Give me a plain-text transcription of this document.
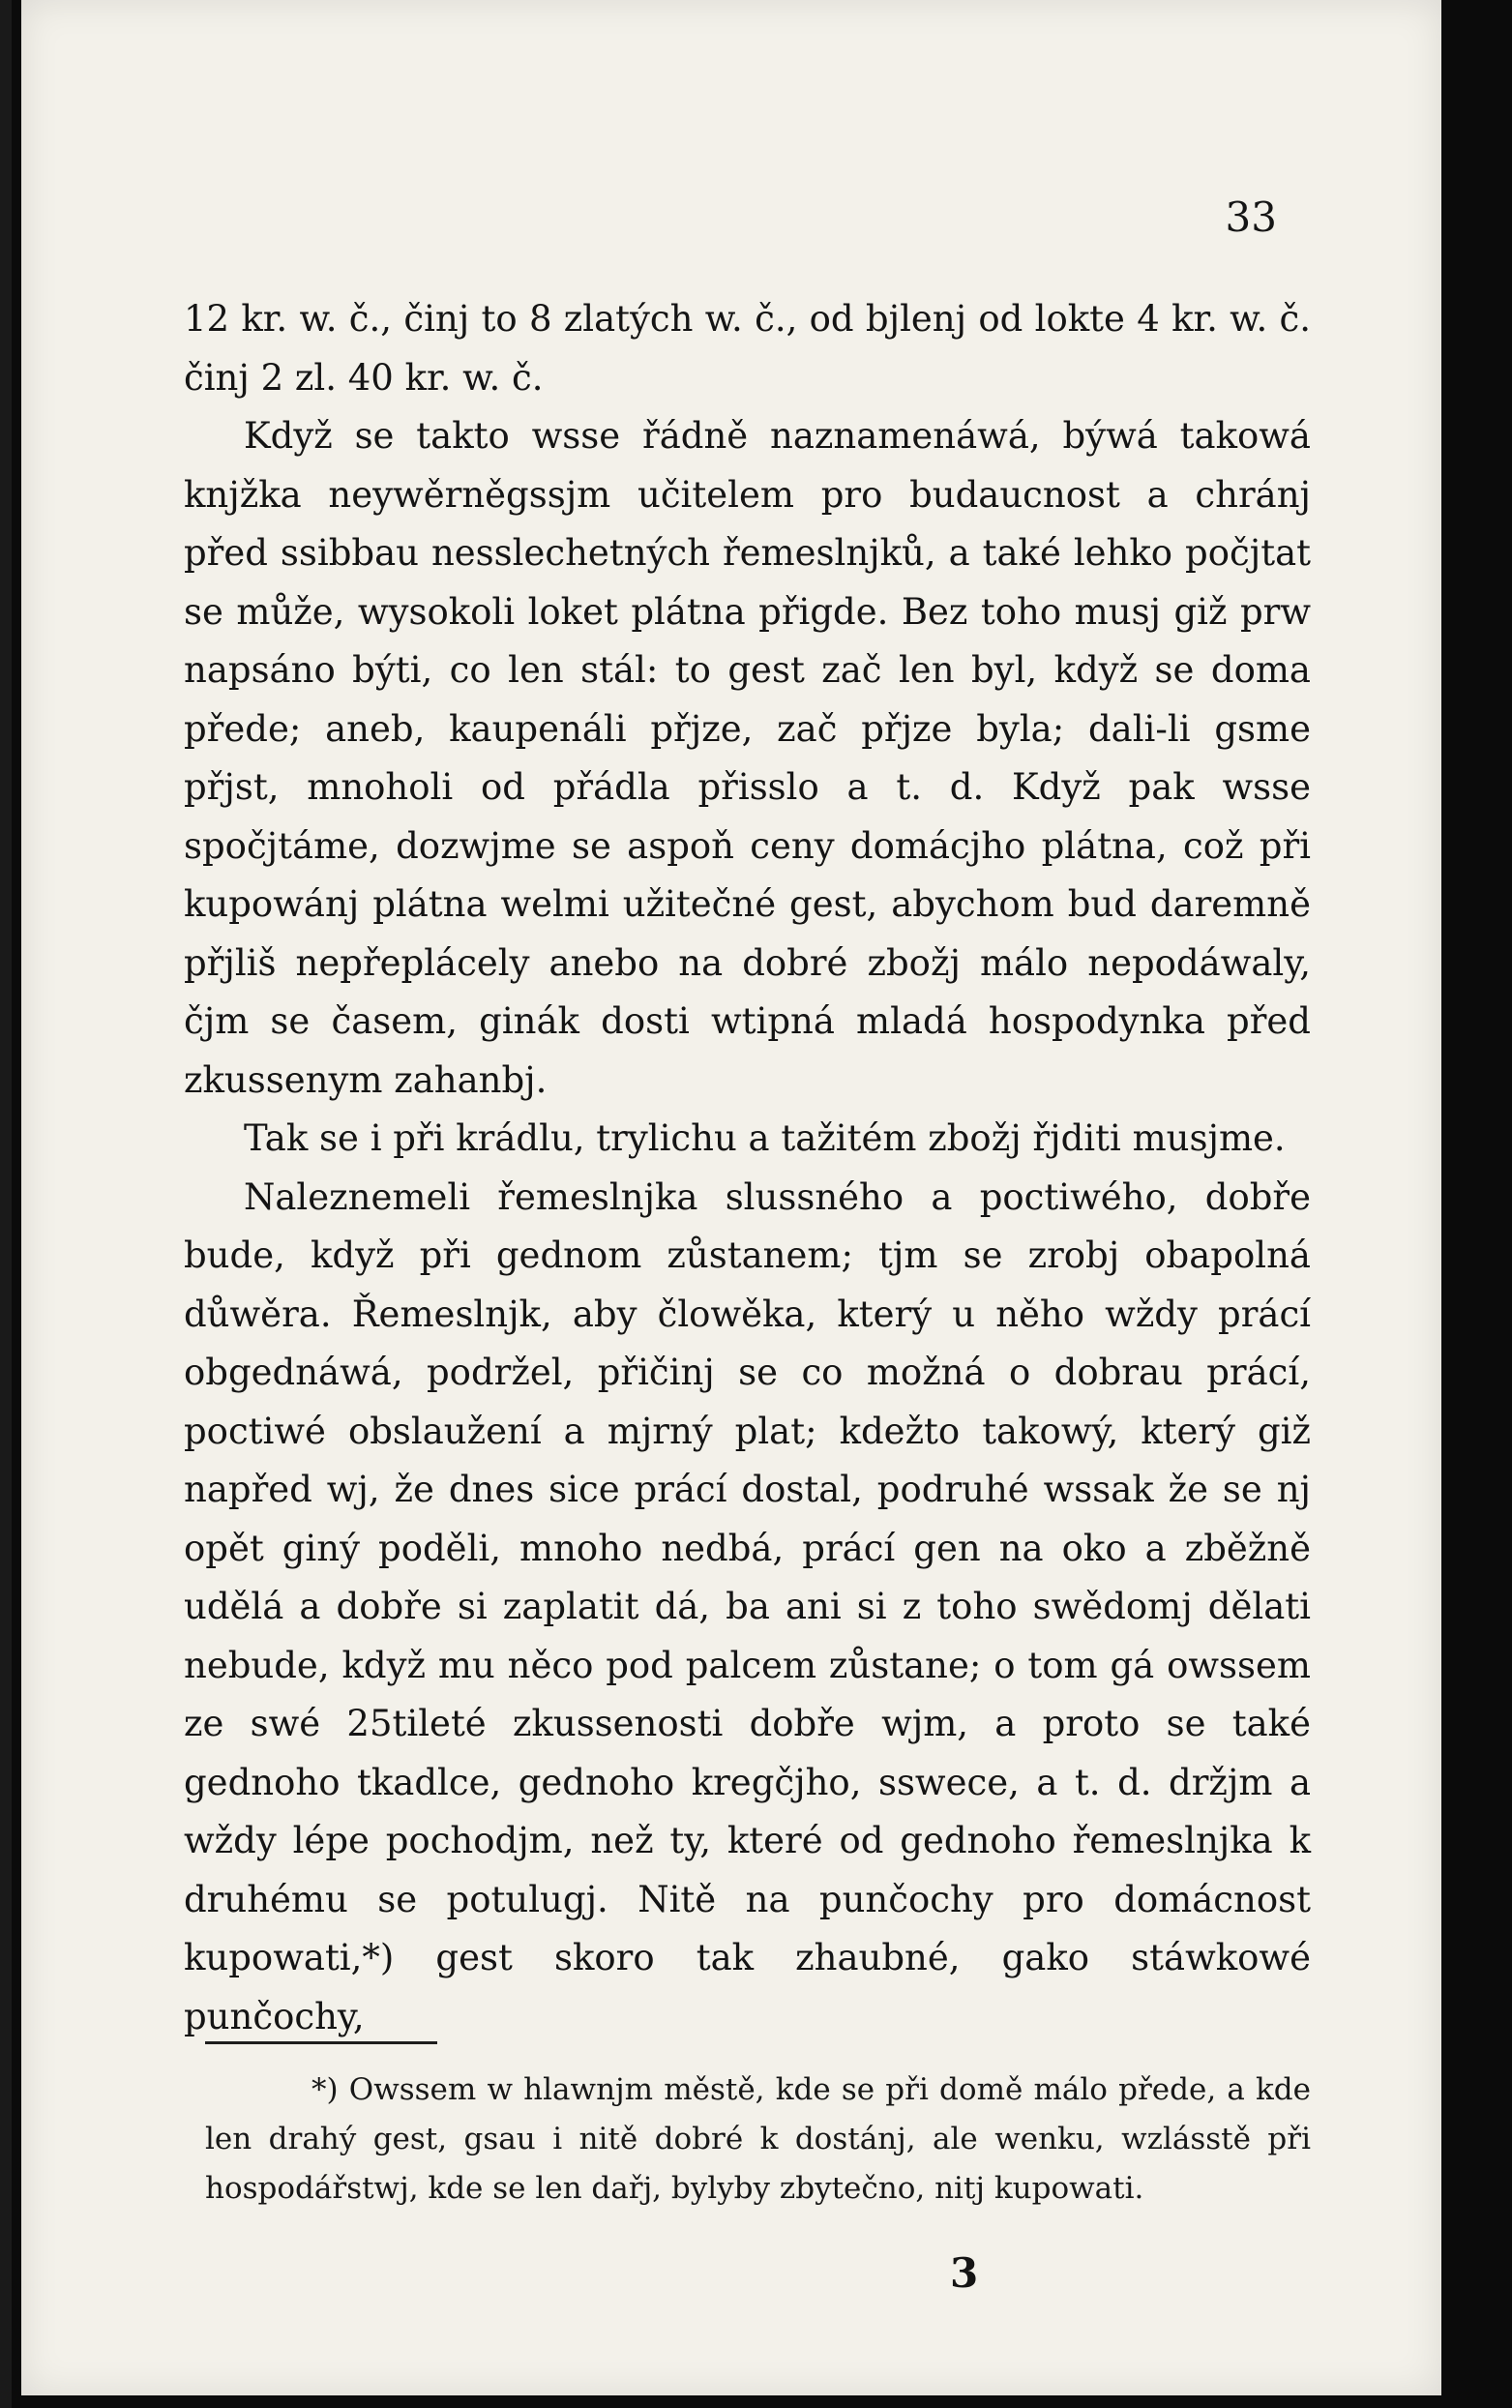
33

12 kr. w. č., činj to 8 zlatých w. č., od bjlenj od lokte 4 kr. w. č. činj 2 zl. 40 kr. w. č.

Když se takto wsse řádně naznamenáwá, býwá takowá knjžka neywěrněgssjm učitelem pro budaucnost a chránj před ssibbau nesslechetných řemeslnjků, a také lehko počjtat se může, wysokoli loket plátna přigde. Bez toho musj giž prw napsáno býti, co len stál: to gest zač len byl, když se doma přede; aneb, kaupenáli přjze, zač přjze byla; dali-li gsme přjst, mnoholi od přádla přisslo a t. d. Když pak wsse spočjtáme, dozwjme se aspoň ceny domácjho plátna, což při kupowánj plátna welmi užitečné gest, abychom bud daremně přjliš nepřeplácely anebo na dobré zbožj málo nepodáwaly, čjm se časem, ginák dosti wtipná mladá hospodynka před zkussenym zahanbj.

Tak se i při krádlu, trylichu a tažitém zbožj řjditi musjme.

Naleznemeli řemeslnjka slussného a poctiwého, dobře bude, když při gednom zůstanem; tjm se zrobj obapolná důwěra. Řemeslnjk, aby člowěka, který u něho wždy prácí obgednáwá, podržel, přičinj se co možná o dobrau prácí, poctiwé obslaužení a mjrný plat; kdežto takowý, který giž napřed wj, že dnes sice prácí dostal, podruhé wssak že se nj opět giný poděli, mnoho nedbá, prácí gen na oko a zběžně udělá a dobře si zaplatit dá, ba ani si z toho swědomj dělati nebude, když mu něco pod palcem zůstane; o tom gá owssem ze swé 25tileté zkussenosti dobře wjm, a proto se také gednoho tkadlce, gednoho kregčjho, sswece, a t. d. držjm a wždy lépe pochodjm, než ty, které od gednoho řemeslnjka k druhému se potulugj. Nitě na punčochy pro domácnost kupowati,*) gest skoro tak zhaubné, gako stáwkowé punčochy,

*) Owssem w hlawnjm městě, kde se při domě málo přede, a kde len drahý gest, gsau i nitě dobré k dostánj, ale wenku, wzlásstě při hospodářstwj, kde se len dařj, bylyby zbytečno, nitj kupowati.
3
